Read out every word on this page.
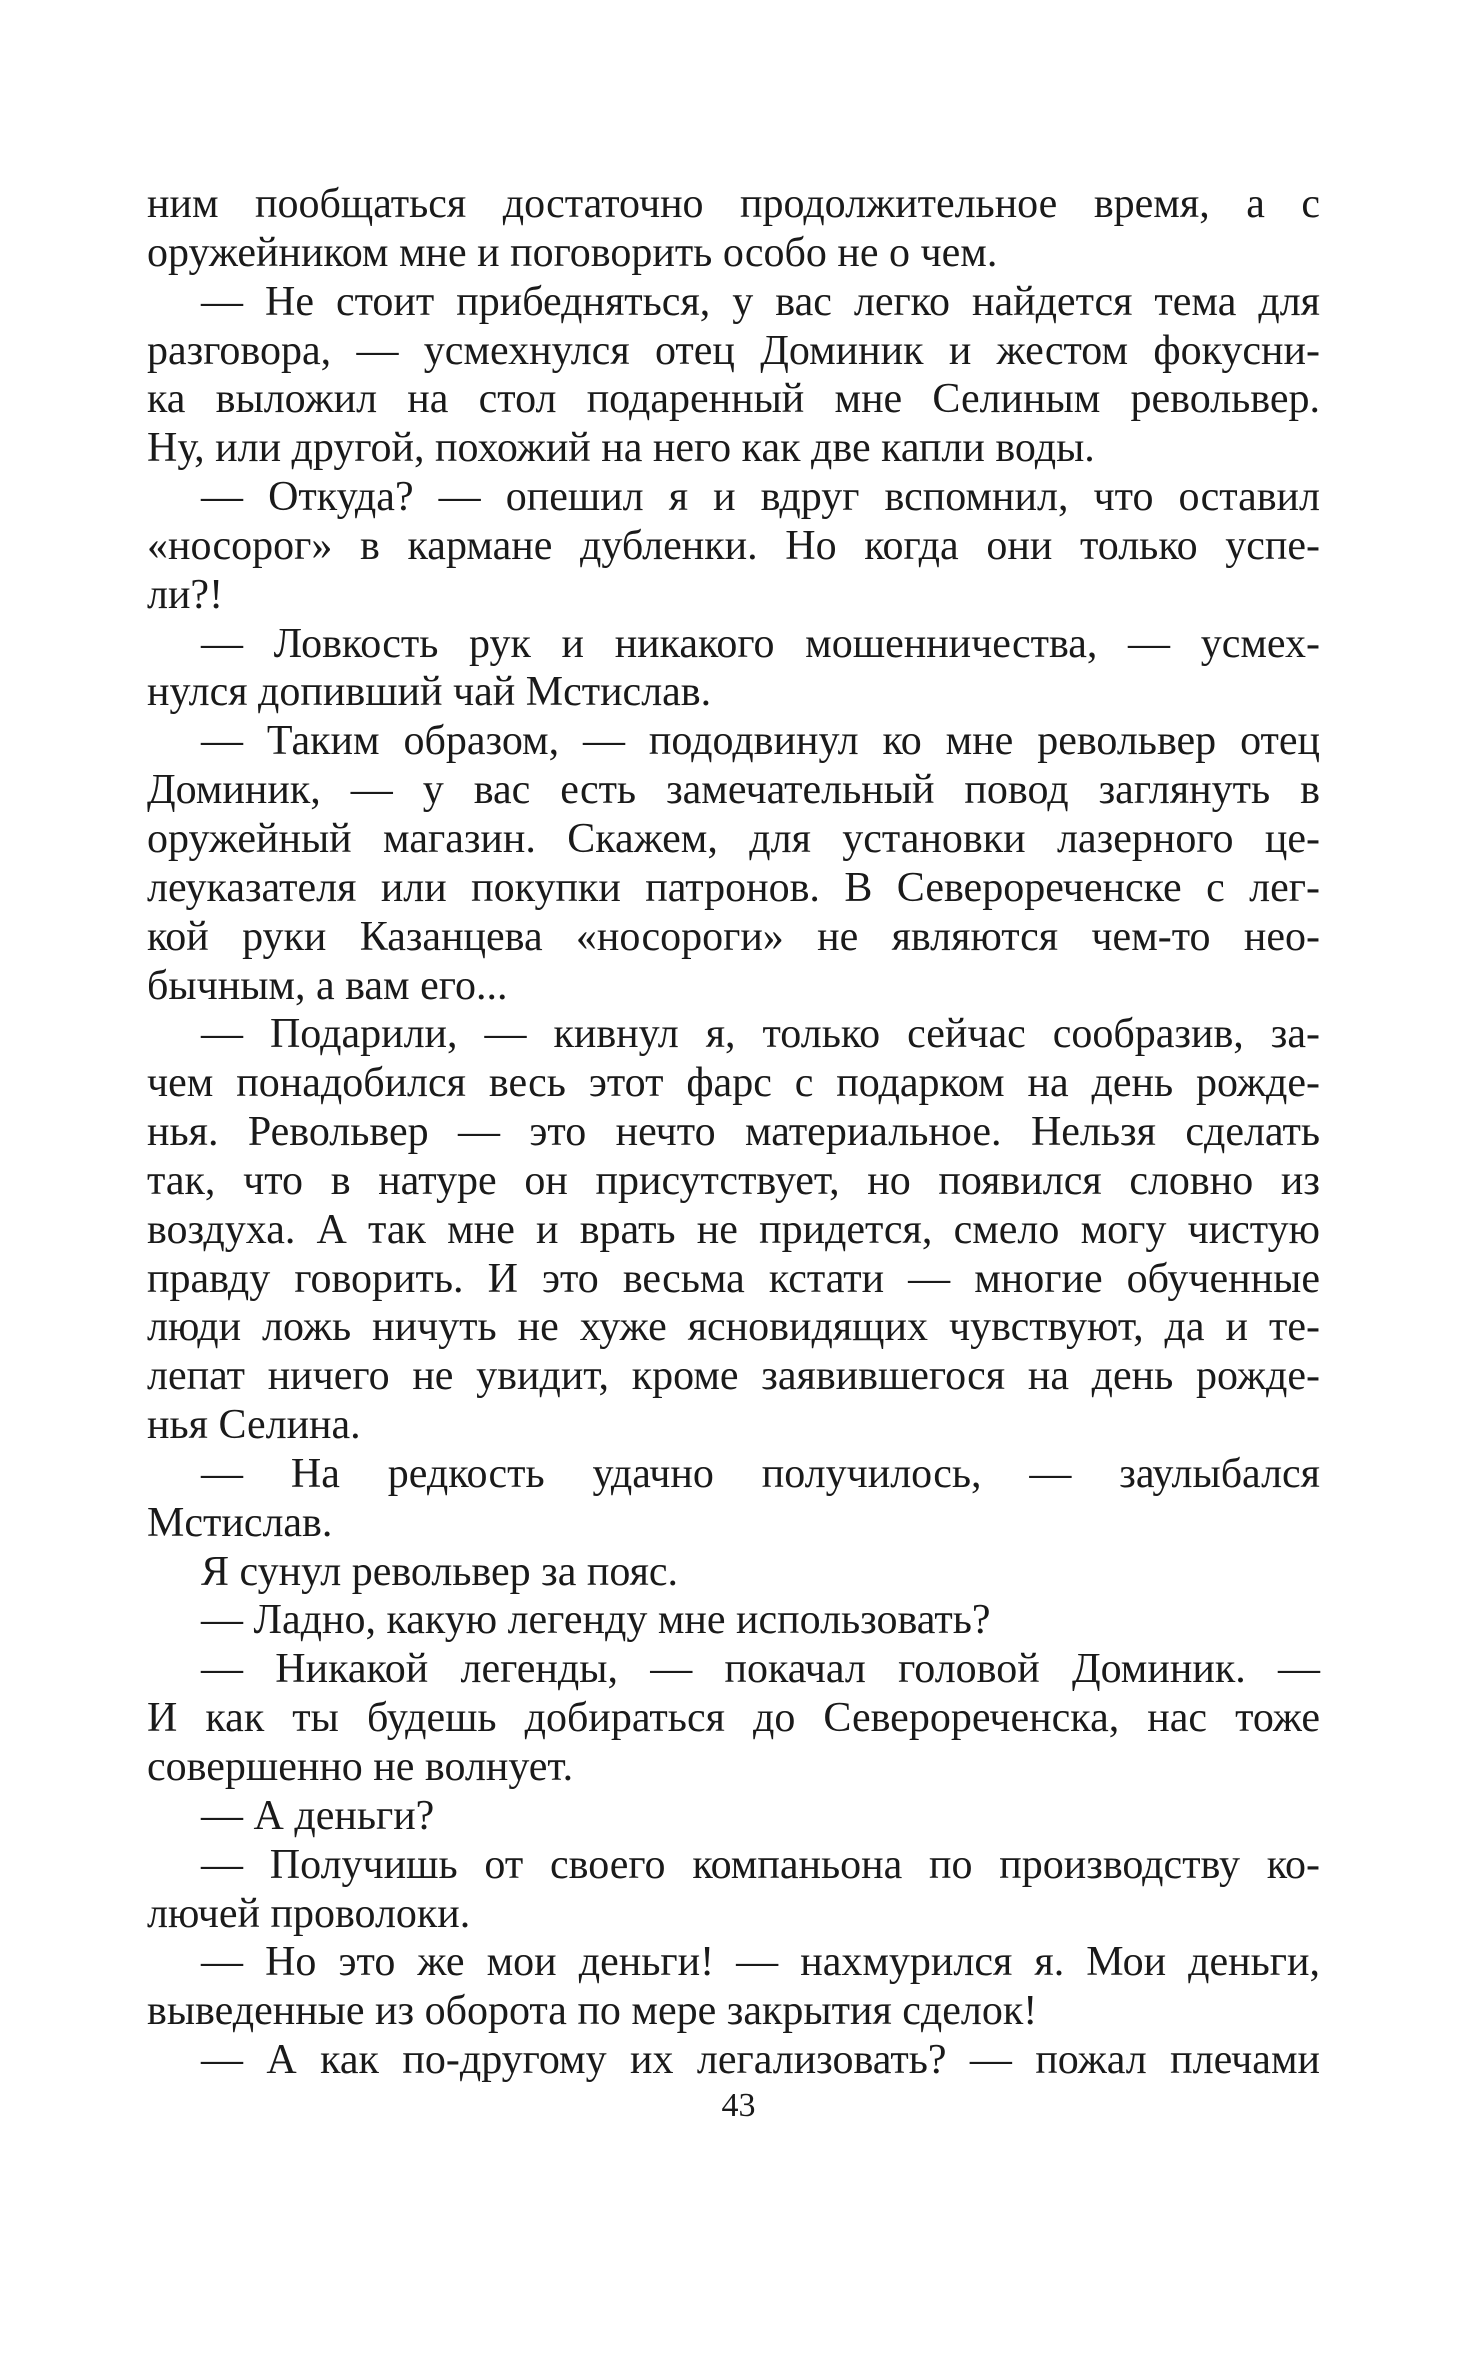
ним пообщаться достаточно продолжительное время, а с
оружейником мне и поговорить особо не о чем.
— Не стоит прибедняться, у вас легко найдется тема для
разговора, — усмехнулся отец Доминик и жестом фокусни-
ка выложил на стол подаренный мне Селиным револьвер.
Ну, или другой, похожий на него как две капли воды.
— Откуда? — опешил я и вдруг вспомнил, что оставил
«носорог» в кармане дубленки. Но когда они только успе-
ли?!
— Ловкость рук и никакого мошенничества, — усмех-
нулся допивший чай Мстислав.
— Таким образом, — пододвинул ко мне револьвер отец
Доминик, — у вас есть замечательный повод заглянуть в
оружейный магазин. Скажем, для установки лазерного це-
леуказателя или покупки патронов. В Северореченске с лег-
кой руки Казанцева «носороги» не являются чем-то нео-
бычным, а вам его...
— Подарили, — кивнул я, только сейчас сообразив, за-
чем понадобился весь этот фарс с подарком на день рожде-
нья. Револьвер — это нечто материальное. Нельзя сделать
так, что в натуре он присутствует, но появился словно из
воздуха. А так мне и врать не придется, смело могу чистую
правду говорить. И это весьма кстати — многие обученные
люди ложь ничуть не хуже ясновидящих чувствуют, да и те-
лепат ничего не увидит, кроме заявившегося на день рожде-
нья Селина.
— На редкость удачно получилось, — заулыбался
Мстислав.
Я сунул револьвер за пояс.
— Ладно, какую легенду мне использовать?
— Никакой легенды, — покачал головой Доминик. —
И как ты будешь добираться до Северореченска, нас тоже
совершенно не волнует.
— А деньги?
— Получишь от своего компаньона по производству ко-
лючей проволоки.
— Но это же мои деньги! — нахмурился я. Мои деньги,
выведенные из оборота по мере закрытия сделок!
— А как по-другому их легализовать? — пожал плечами
43
